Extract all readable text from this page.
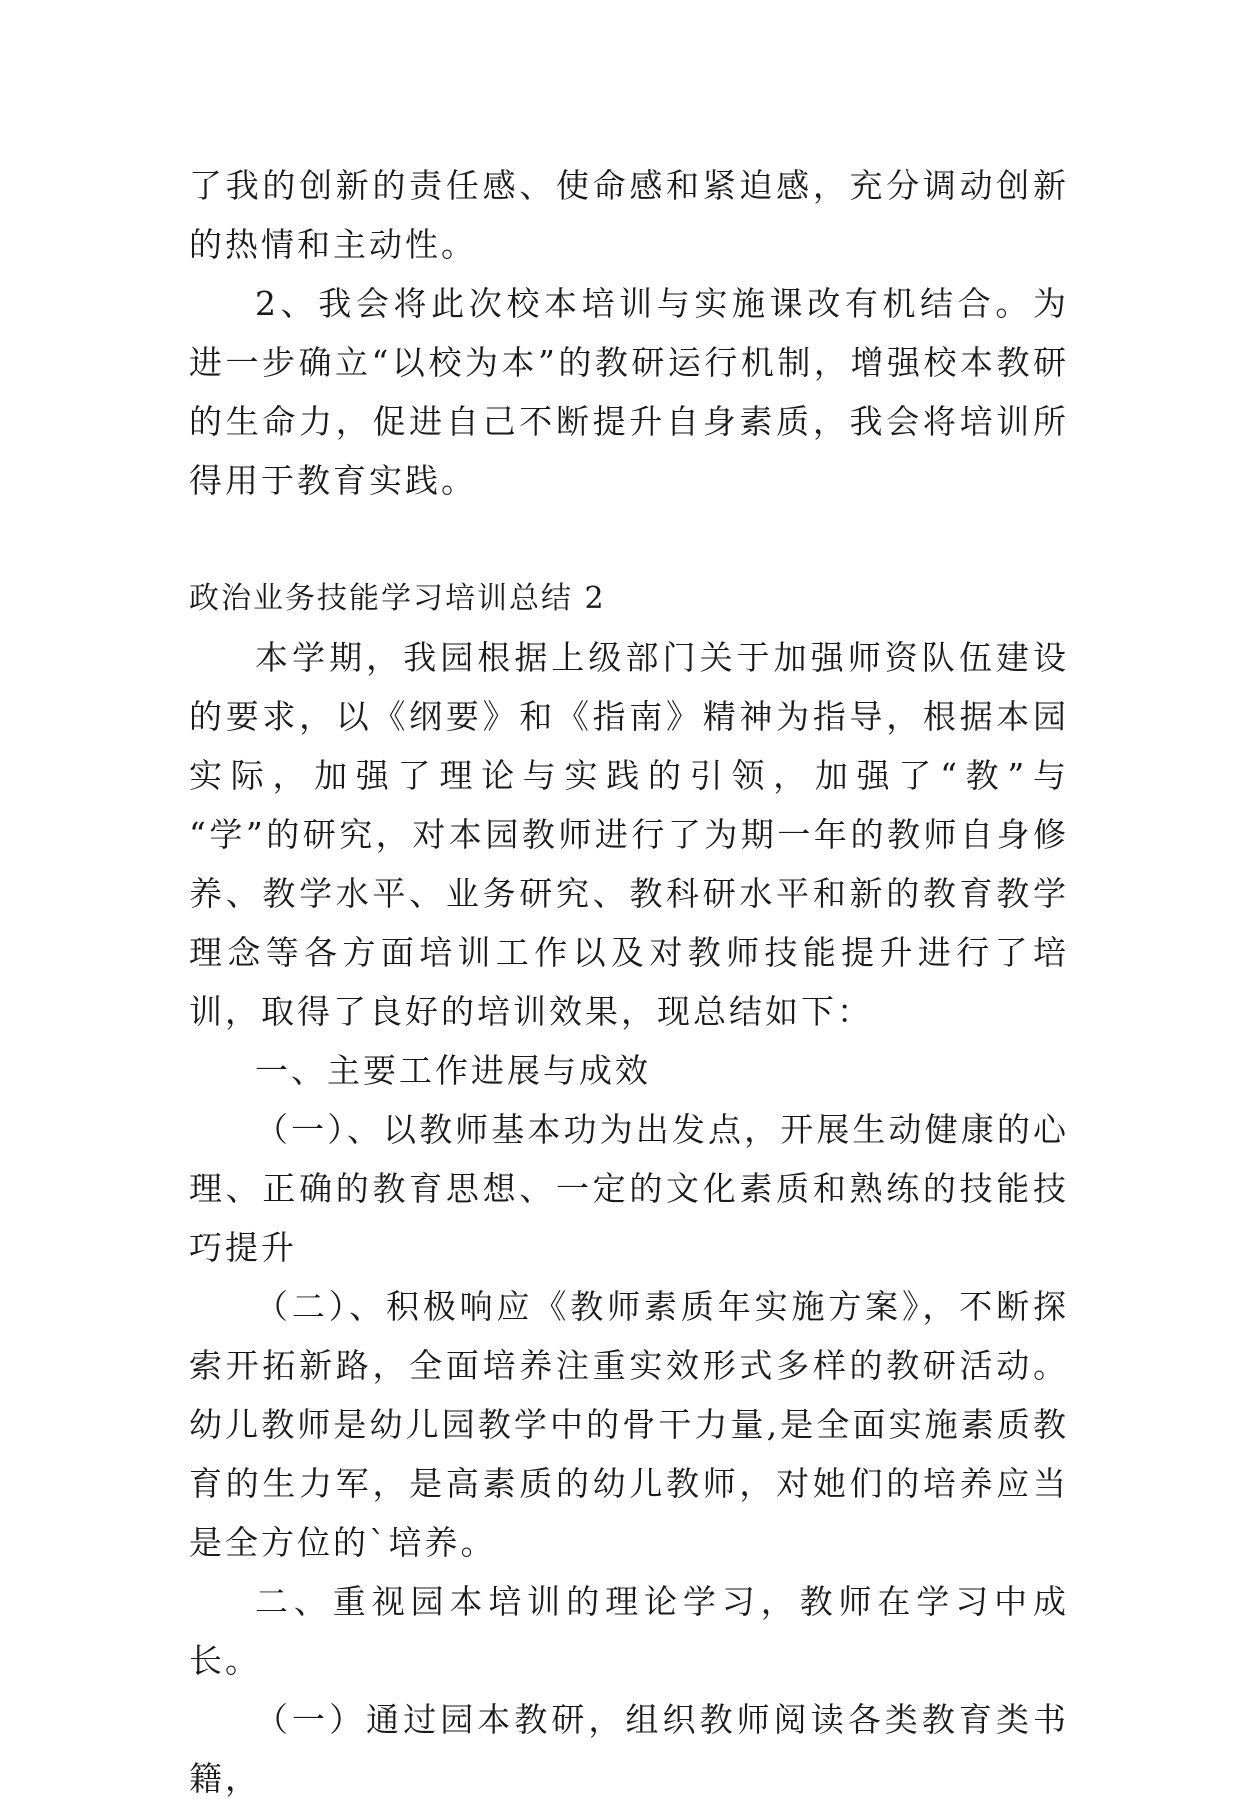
了我的创新的责任感、使命感和紧迫感，充分调动创新的热情和主动性。

2、我会将此次校本培训与实施课改有机结合。为进一步确立“以校为本”的教研运行机制，增强校本教研的生命力，促进自己不断提升自身素质，我会将培训所得用于教育实践。

政治业务技能学习培训总结 2

本学期，我园根据上级部门关于加强师资队伍建设的要求，以《纲要》和《指南》精神为指导，根据本园实际，加强了理论与实践的引领，加强了“教”与 “学”的研究，对本园教师进行了为期一年的教师自身修养、教学水平、业务研究、教科研水平和新的教育教学理念等各方面培训工作以及对教师技能提升进行了培训，取得了良好的培训效果，现总结如下：

一、主要工作进展与成效

（一）、以教师基本功为出发点，开展生动健康的心理、正确的教育思想、一定的文化素质和熟练的技能技巧提升

（二）、积极响应《教师素质年实施方案》，不断探索开拓新路，全面培养注重实效形式多样的教研活动。幼儿教师是幼儿园教学中的骨干力量,是全面实施素质教育的生力军，是高素质的幼儿教师，对她们的培养应当是全方位的`培养。

二、重视园本培训的理论学习，教师在学习中成长。

（一）通过园本教研，组织教师阅读各类教育类书籍，
